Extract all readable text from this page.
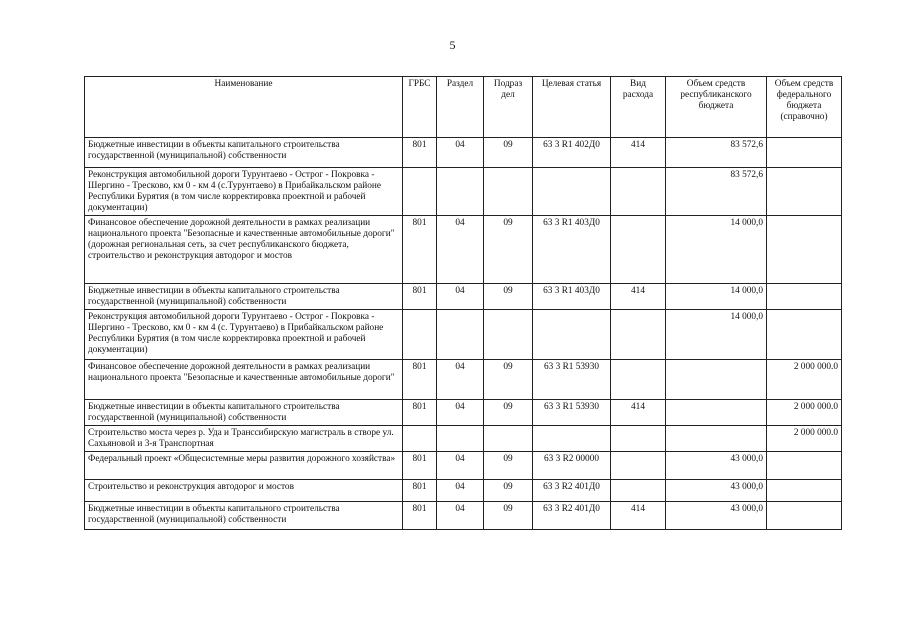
5
Наименование	ГРБС	Раздел	Подраз дел	Целевая статья	Вид расхода	Объем средств республиканского бюджета	Объем средств федерального бюджета (справочно)
Бюджетные инвестиции в объекты капитального строительства государственной (муниципальной) собственности	801	04	09	63 3 R1 402Д0	414	83 572,6	
Реконструкция автомобильной дороги Турунтаево - Острог - Покровка - Шергино - Тресково, км 0 - км 4 (с.Турунтаево) в Прибайкальском районе Республики Бурятия (в том числе корректировка проектной и рабочей документации)						83 572,6	
Финансовое обеспечение дорожной деятельности в рамках реализации национального проекта "Безопасные и качественные автомобильные дороги" (дорожная региональная сеть, за счет республиканского бюджета, строительство и реконструкция автодорог и мостов	801	04	09	63 3 R1 403Д0		14 000,0	
Бюджетные инвестиции в объекты капитального строительства государственной (муниципальной) собственности	801	04	09	63 3 R1 403Д0	414	14 000,0	
Реконструкция автомобильной дороги Турунтаево - Острог - Покровка - Шергино - Тресково, км 0 - км 4 (с. Турунтаево) в Прибайкальском районе Республики Бурятия (в том числе корректировка проектной и рабочей документации)						14 000,0	
Финансовое обеспечение дорожной деятельности в рамках реализации национального проекта "Безопасные и качественные автомобильные дороги"	801	04	09	63 3 R1 53930			2 000 000.0
Бюджетные инвестиции в объекты капитального строительства государственной (муниципальной) собственности	801	04	09	63 3 R1 53930	414		2 000 000.0
Строительство моста через р. Уда и Транссибирскую магистраль в створе ул. Сахьяновой и 3-я Транспортная							2 000 000.0
Федеральный проект «Общесистемные меры развития дорожного хозяйства»	801	04	09	63 3 R2 00000		43 000,0	
Строительство и реконструкция автодорог и мостов	801	04	09	63 3 R2 401Д0		43 000,0	
Бюджетные инвестиции в объекты капитального строительства государственной (муниципальной) собственности	801	04	09	63 3 R2 401Д0	414	43 000,0	
